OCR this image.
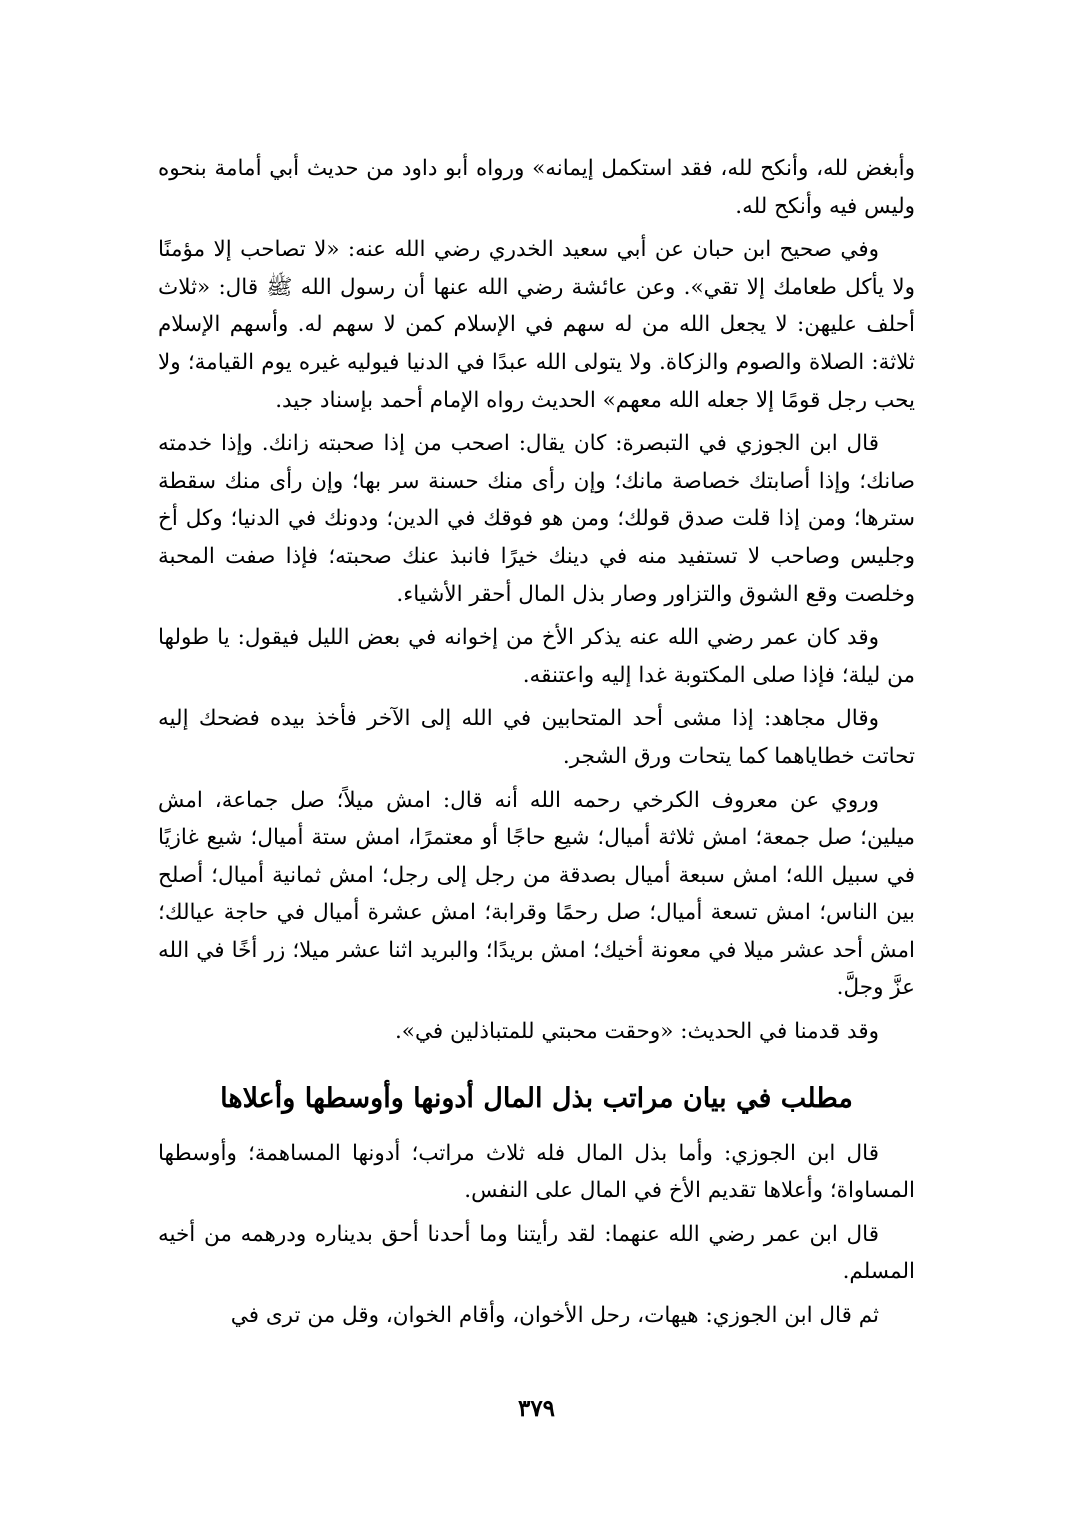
وأبغض لله، وأنكح لله، فقد استكمل إيمانه» ورواه أبو داود من حديث أبي أمامة بنحوه وليس فيه وأنكح لله.

وفي صحيح ابن حبان عن أبي سعيد الخدري رضي الله عنه: «لا تصاحب إلا مؤمنًا ولا يأكل طعامك إلا تقي». وعن عائشة رضي الله عنها أن رسول الله ﷺ قال: «ثلاث أحلف عليهن: لا يجعل الله من له سهم في الإسلام كمن لا سهم له. وأسهم الإسلام ثلاثة: الصلاة والصوم والزكاة. ولا يتولى الله عبدًا في الدنيا فيوليه غيره يوم القيامة؛ ولا يحب رجل قومًا إلا جعله الله معهم» الحديث رواه الإمام أحمد بإسناد جيد.

قال ابن الجوزي في التبصرة: كان يقال: اصحب من إذا صحبته زانك. وإذا خدمته صانك؛ وإذا أصابتك خصاصة مانك؛ وإن رأى منك حسنة سر بها؛ وإن رأى منك سقطة سترها؛ ومن إذا قلت صدق قولك؛ ومن هو فوقك في الدين؛ ودونك في الدنيا؛ وكل أخ وجليس وصاحب لا تستفيد منه في دينك خيرًا فانبذ عنك صحبته؛ فإذا صفت المحبة وخلصت وقع الشوق والتزاور وصار بذل المال أحقر الأشياء.

وقد كان عمر رضي الله عنه يذكر الأخ من إخوانه في بعض الليل فيقول: يا طولها من ليلة؛ فإذا صلى المكتوبة غدا إليه واعتنقه.

وقال مجاهد: إذا مشى أحد المتحابين في الله إلى الآخر فأخذ بيده فضحك إليه تحاتت خطاياهما كما يتحات ورق الشجر.

وروي عن معروف الكرخي رحمه الله أنه قال: امش ميلاً؛ صل جماعة، امش ميلين؛ صل جمعة؛ امش ثلاثة أميال؛ شيع حاجًا أو معتمرًا، امش ستة أميال؛ شيع غازيًا في سبيل الله؛ امش سبعة أميال بصدقة من رجل إلى رجل؛ امش ثمانية أميال؛ أصلح بين الناس؛ امش تسعة أميال؛ صل رحمًا وقرابة؛ امش عشرة أميال في حاجة عيالك؛ امش أحد عشر ميلا في معونة أخيك؛ امش بريدًا؛ والبريد اثنا عشر ميلا؛ زر أخًا في الله عزَّ وجلَّ.

وقد قدمنا في الحديث: «وحقت محبتي للمتباذلين في».

مطلب في بيان مراتب بذل المال أدونها وأوسطها وأعلاها

قال ابن الجوزي: وأما بذل المال فله ثلاث مراتب؛ أدونها المساهمة؛ وأوسطها المساواة؛ وأعلاها تقديم الأخ في المال على النفس.

قال ابن عمر رضي الله عنهما: لقد رأيتنا وما أحدنا أحق بديناره ودرهمه من أخيه المسلم.

ثم قال ابن الجوزي: هيهات، رحل الأخوان، وأقام الخوان، وقل من ترى في

٣٧٩
